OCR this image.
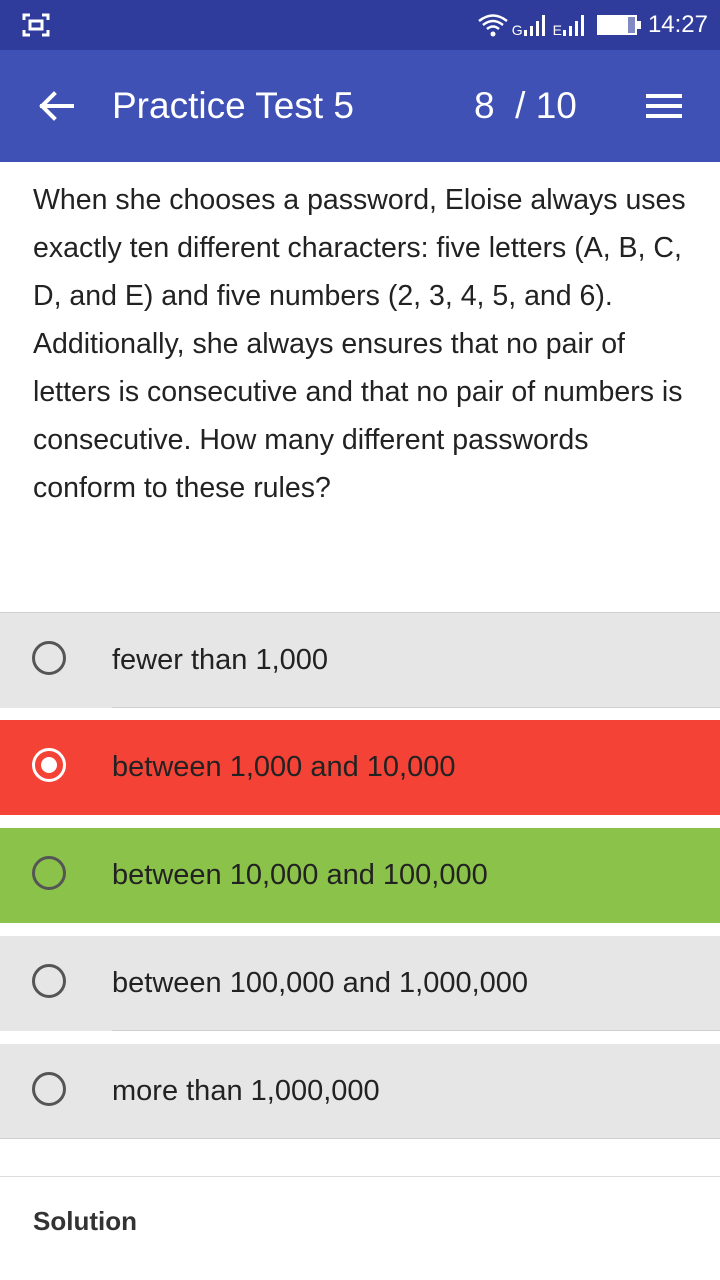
G E	14:27
Practice Test 5	8  / 10
When she chooses a password, Eloise always uses exactly ten different characters: five letters (A, B, C, D, and E) and five numbers (2, 3, 4, 5, and 6). Additionally, she always ensures that no pair of letters is consecutive and that no pair of numbers is consecutive. How many different passwords conform to these rules?
fewer than 1,000
between 1,000 and 10,000
between 10,000 and 100,000
between 100,000 and 1,000,000
more than 1,000,000
Solution
